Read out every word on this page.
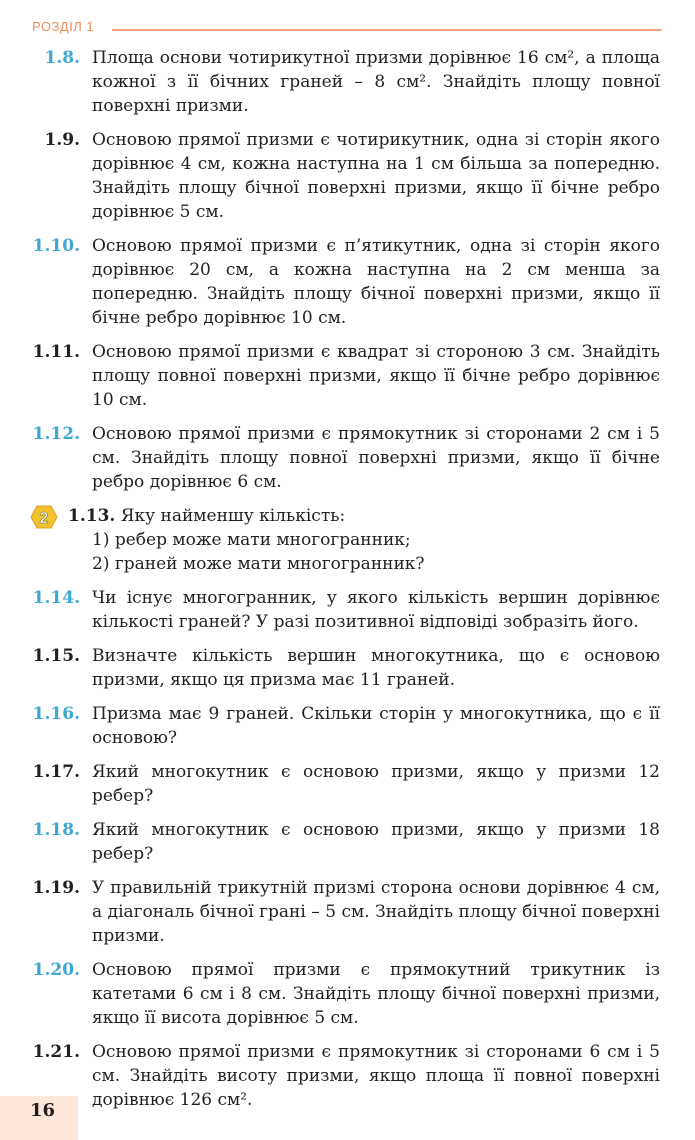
РОЗДІЛ 1
1.8. Площа основи чотирикутної призми дорівнює 16 см², а площа кожної з її бічних граней – 8 см². Знайдіть площу повної поверхні призми.

1.9. Основою прямої призми є чотирикутник, одна зі сторін якого дорівнює 4 см, кожна наступна на 1 см більша за попередню. Знайдіть площу бічної поверхні призми, якщо її бічне ребро дорівнює 5 см.

1.10. Основою прямої призми є п’ятикутник, одна зі сторін якого дорівнює 20 см, а кожна наступна на 2 см менша за попередню. Знайдіть площу бічної поверхні призми, якщо її бічне ребро дорівнює 10 см.

1.11. Основою прямої призми є квадрат зі стороною 3 см. Знайдіть площу повної поверхні призми, якщо її бічне ребро дорівнює 10 см.

1.12. Основою прямої призми є прямокутник зі сторонами 2 см і 5 см. Знайдіть площу повної поверхні призми, якщо її бічне ребро дорівнює 6 см.

2 1.13. Яку найменшу кількість:

1) ребер може мати многогранник;

2) граней може мати многогранник?

1.14. Чи існує многогранник, у якого кількість вершин дорівнює кількості граней? У разі позитивної відповіді зобразіть його.

1.15. Визначте кількість вершин многокутника, що є основою призми, якщо ця призма має 11 граней.

1.16. Призма має 9 граней. Скільки сторін у многокутника, що є її основою?

1.17. Який многокутник є основою призми, якщо у призми 12 ребер?

1.18. Який многокутник є основою призми, якщо у призми 18 ребер?

1.19. У правильній трикутній призмі сторона основи дорівнює 4 см, а діагональ бічної грані – 5 см. Знайдіть площу бічної поверхні призми.

1.20. Основою прямої призми є прямокутний трикутник із катетами 6 см і 8 см. Знайдіть площу бічної поверхні призми, якщо її висота дорівнює 5 см.

1.21. Основою прямої призми є прямокутник зі сторонами 6 см і 5 см. Знайдіть висоту призми, якщо площа її повної поверхні дорівнює 126 см².

16
